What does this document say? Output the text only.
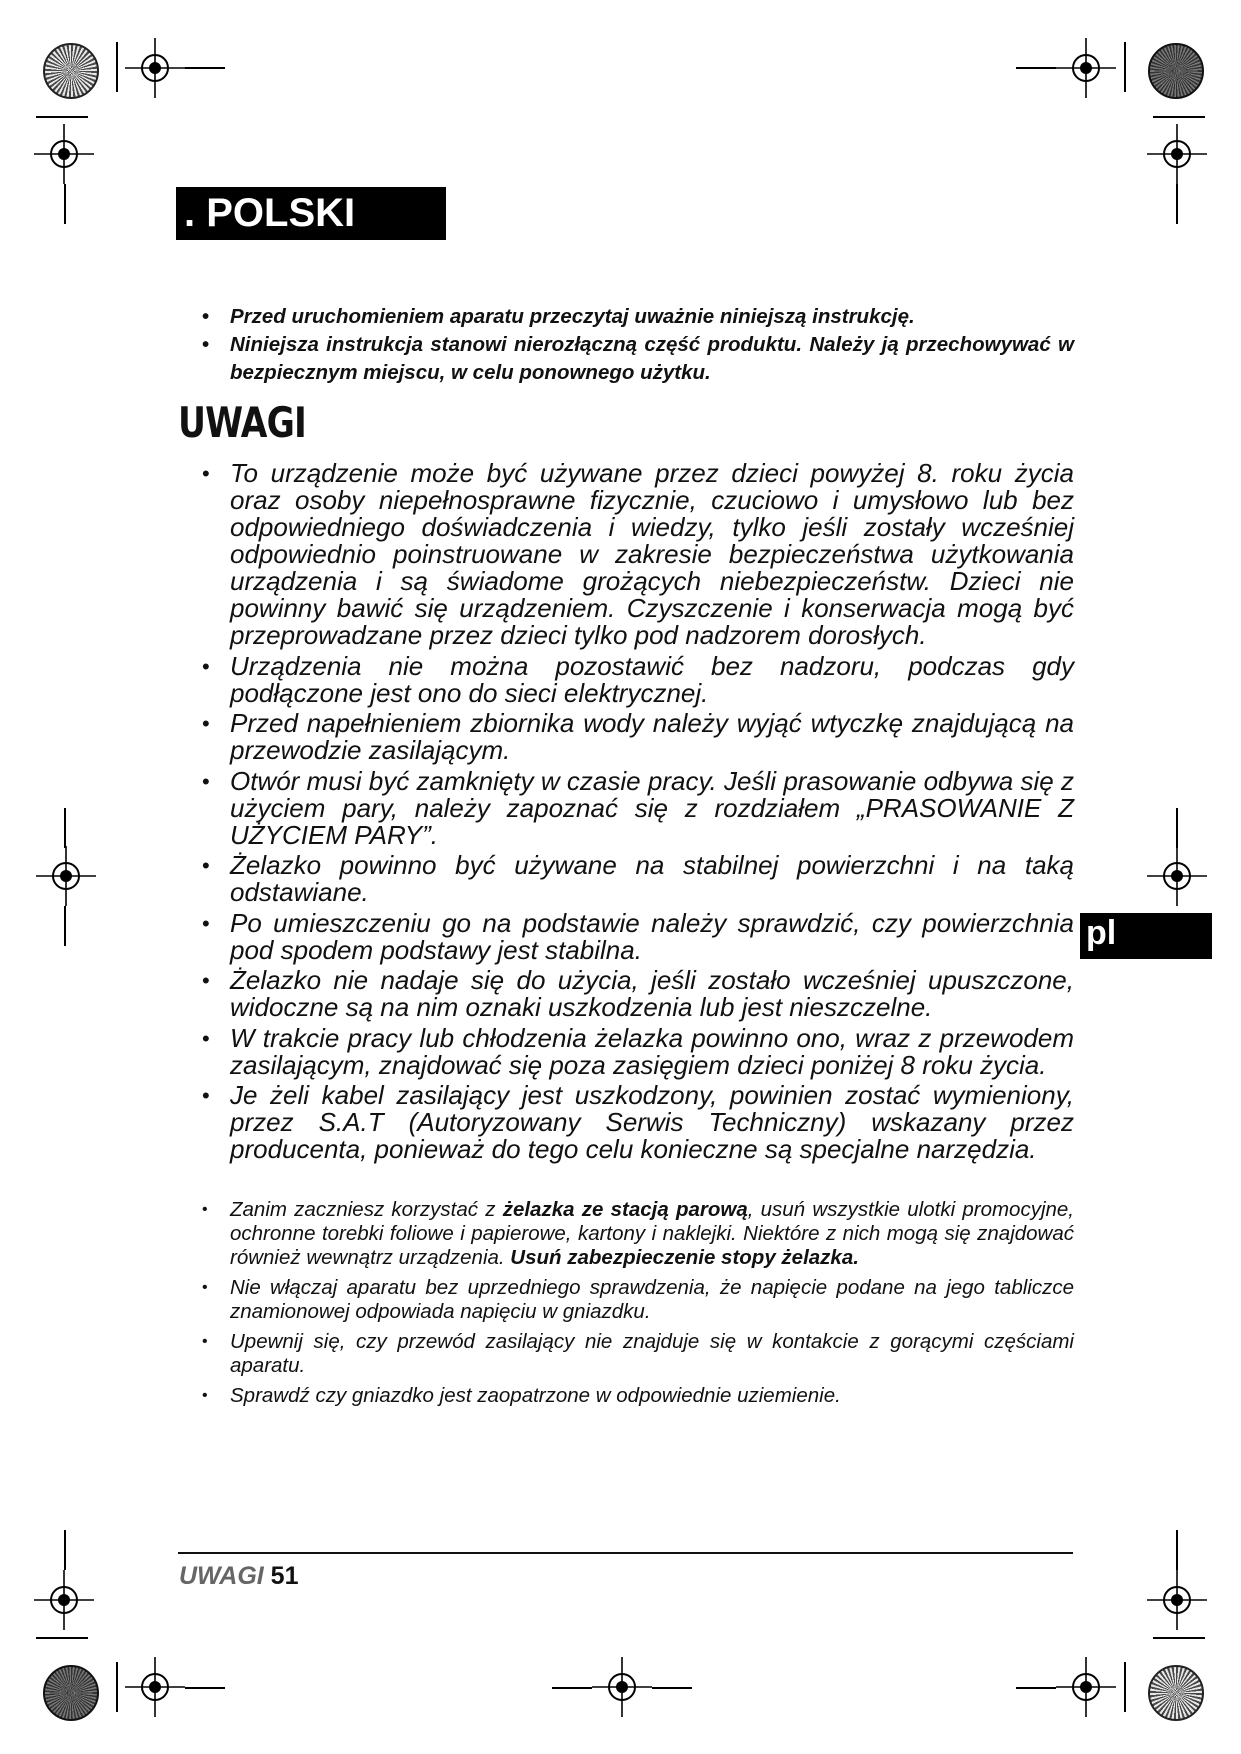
. POLSKI
pl
• Przed uruchomieniem aparatu przeczytaj uważnie niniejszą instrukcję.
• Niniejsza instrukcja stanowi nierozłączną część produktu. Należy ją przechowywać w bezpiecznym miejscu, w celu ponownego użytku.
UWAGI
• To urządzenie może być używane przez dzieci powyżej 8. roku życia oraz osoby niepełnosprawne fizycznie, czuciowo i umysłowo lub bez odpowiedniego doświadczenia i wiedzy, tylko jeśli zostały wcześniej odpowiednio poinstruowane w zakresie bezpieczeństwa użytkowania urządzenia i są świadome grożących niebezpieczeństw. Dzieci nie powinny bawić się urządzeniem. Czyszczenie i konserwacja mogą być przeprowadzane przez dzieci tylko pod nadzorem dorosłych.
• Urządzenia nie można pozostawić bez nadzoru, podczas gdy podłączone jest ono do sieci elektrycznej.
• Przed napełnieniem zbiornika wody należy wyjąć wtyczkę znajdującą na przewodzie zasilającym.
• Otwór musi być zamknięty w czasie pracy. Jeśli prasowanie odbywa się z użyciem pary, należy zapoznać się z rozdziałem „PRASOWANIE Z UŻYCIEM PARY”.
• Żelazko powinno być używane na stabilnej powierzchni i na taką odstawiane.
• Po umieszczeniu go na podstawie należy sprawdzić, czy powierzchnia pod spodem podstawy jest stabilna.
• Żelazko nie nadaje się do użycia, jeśli zostało wcześniej upuszczone, widoczne są na nim oznaki uszkodzenia lub jest nieszczelne.
• W trakcie pracy lub chłodzenia żelazka powinno ono, wraz z przewodem zasilającym, znajdować się poza zasięgiem dzieci poniżej 8 roku życia.
• Je żeli kabel zasilający jest uszkodzony, powinien zostać wymieniony, przez S.A.T (Autoryzowany Serwis Techniczny) wskazany przez producenta, ponieważ do tego celu konieczne są specjalne narzędzia.
• Zanim zaczniesz korzystać z żelazka ze stacją parową, usuń wszystkie ulotki promocyjne, ochronne torebki foliowe i papierowe, kartony i naklejki. Niektóre z nich mogą się znajdować również wewnątrz urządzenia. Usuń zabezpieczenie stopy żelazka.
• Nie włączaj aparatu bez uprzedniego sprawdzenia, że napięcie podane na jego tabliczce znamionowej odpowiada napięciu w gniazdku.
• Upewnij się, czy przewód zasilający nie znajduje się w kontakcie z gorącymi częściami aparatu.
• Sprawdź czy gniazdko jest zaopatrzone w odpowiednie uziemienie.
UWAGI 51
